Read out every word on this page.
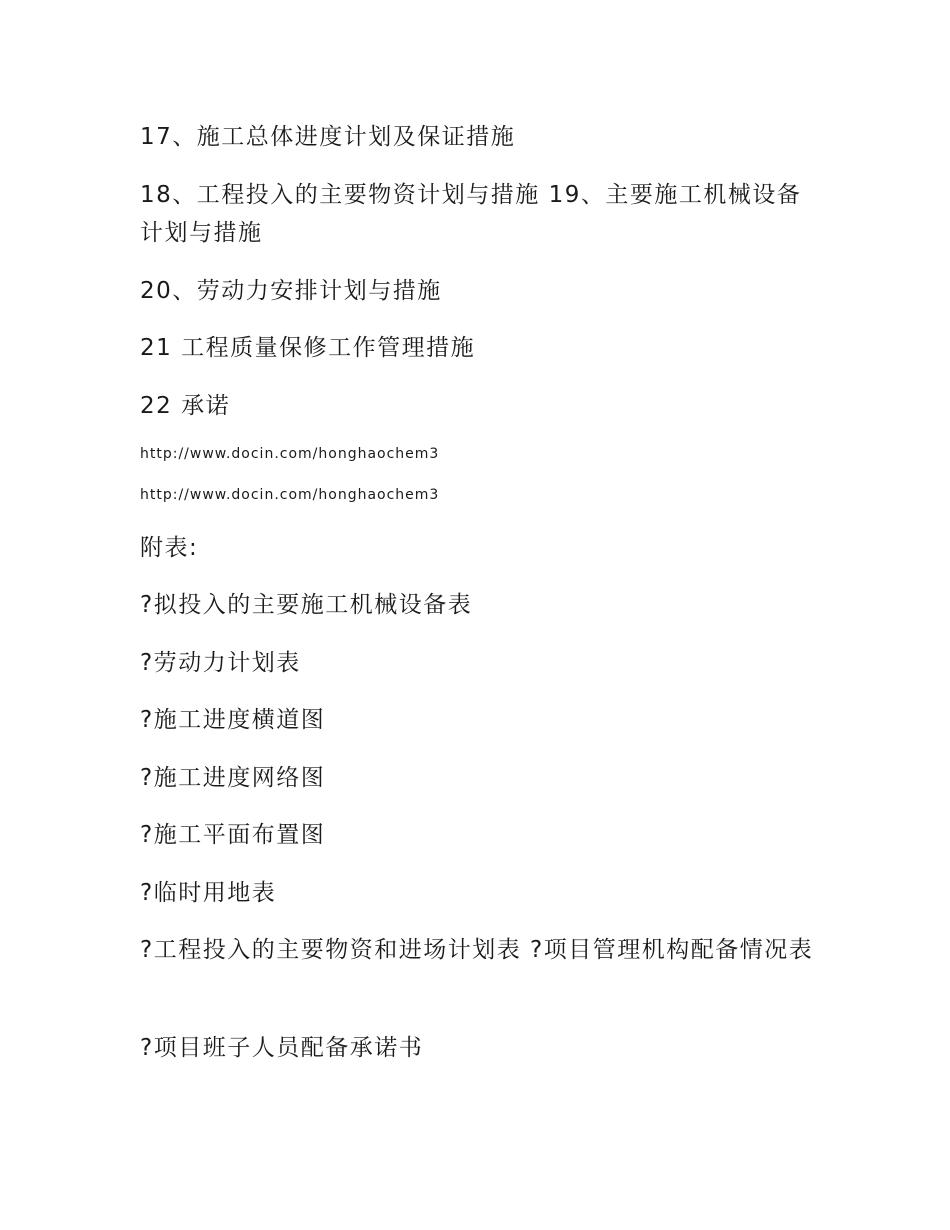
17、施工总体进度计划及保证措施
18、工程投入的主要物资计划与措施 19、主要施工机械设备计划与措施
20、劳动力安排计划与措施
21 工程质量保修工作管理措施
22 承诺
http://www.docin.com/honghaochem3
http://www.docin.com/honghaochem3
附表:
?拟投入的主要施工机械设备表
?劳动力计划表
?施工进度横道图
?施工进度网络图
?施工平面布置图
?临时用地表
?工程投入的主要物资和进场计划表 ?项目管理机构配备情况表
?项目班子人员配备承诺书
